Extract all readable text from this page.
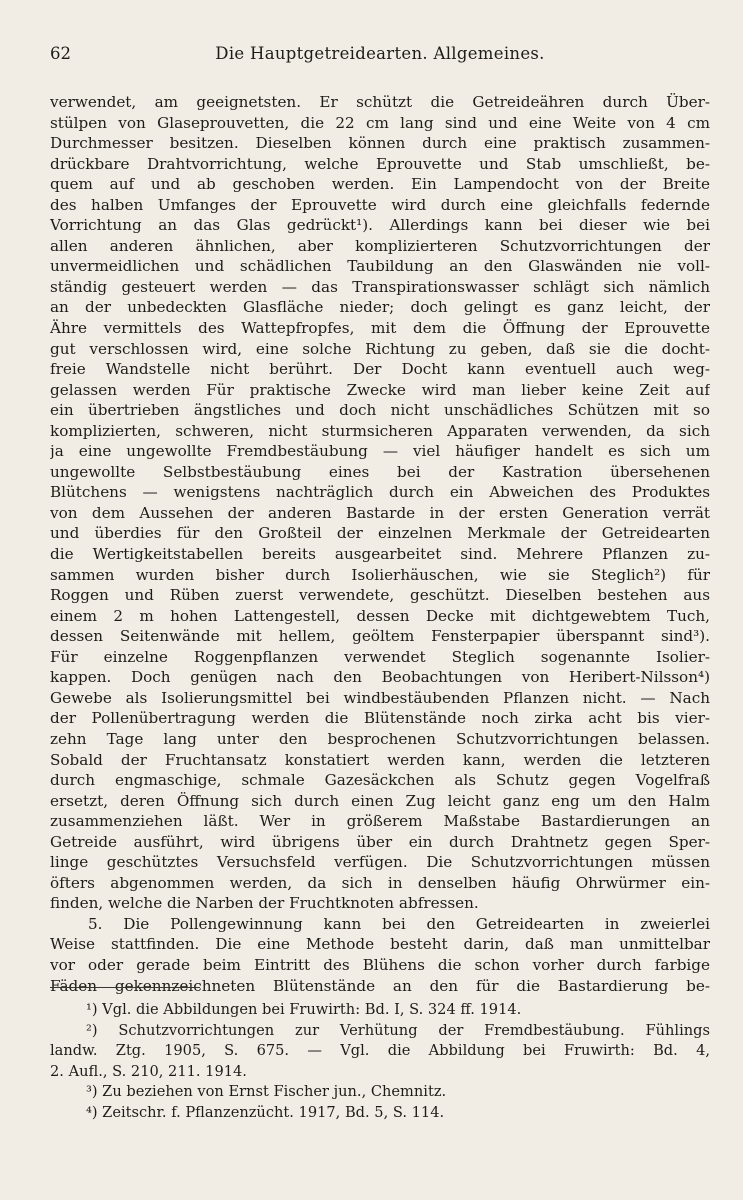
62	Die Hauptgetreidearten. Allgemeines.
verwendet, am geeignetsten. Er schützt die Getreideähren durch Über-
stülpen von Glaseprouvetten, die 22 cm lang sind und eine Weite von 4 cm
Durchmesser besitzen. Dieselben können durch eine praktisch zusammen-
drückbare Drahtvorrichtung, welche Eprouvette und Stab umschließt, be-
quem auf und ab geschoben werden. Ein Lampendocht von der Breite
des halben Umfanges der Eprouvette wird durch eine gleichfalls federnde
Vorrichtung an das Glas gedrückt¹). Allerdings kann bei dieser wie bei
allen anderen ähnlichen, aber komplizierteren Schutzvorrichtungen der
unvermeidlichen und schädlichen Taubildung an den Glaswänden nie voll-
ständig gesteuert werden — das Transpirationswasser schlägt sich nämlich
an der unbedeckten Glasfläche nieder; doch gelingt es ganz leicht, der
Ähre vermittels des Wattepfropfes, mit dem die Öffnung der Eprouvette
gut verschlossen wird, eine solche Richtung zu geben, daß sie die docht-
freie Wandstelle nicht berührt. Der Docht kann eventuell auch weg-
gelassen werden Für praktische Zwecke wird man lieber keine Zeit auf
ein übertrieben ängstliches und doch nicht unschädliches Schützen mit so
komplizierten, schweren, nicht sturmsicheren Apparaten verwenden, da sich
ja eine ungewollte Fremdbestäubung — viel häufiger handelt es sich um
ungewollte Selbstbestäubung eines bei der Kastration übersehenen
Blütchens — wenigstens nachträglich durch ein Abweichen des Produktes
von dem Aussehen der anderen Bastarde in der ersten Generation verrät
und überdies für den Großteil der einzelnen Merkmale der Getreidearten
die Wertigkeitstabellen bereits ausgearbeitet sind. Mehrere Pflanzen zu-
sammen wurden bisher durch Isolierhäuschen, wie sie Steglich²) für
Roggen und Rüben zuerst verwendete, geschützt. Dieselben bestehen aus
einem 2 m hohen Lattengestell, dessen Decke mit dichtgewebtem Tuch,
dessen Seitenwände mit hellem, geöltem Fensterpapier überspannt sind³).
Für einzelne Roggenpflanzen verwendet Steglich sogenannte Isolier-
kappen. Doch genügen nach den Beobachtungen von Heribert-Nilsson⁴)
Gewebe als Isolierungsmittel bei windbestäubenden Pflanzen nicht. — Nach
der Pollenübertragung werden die Blütenstände noch zirka acht bis vier-
zehn Tage lang unter den besprochenen Schutzvorrichtungen belassen.
Sobald der Fruchtansatz konstatiert werden kann, werden die letzteren
durch engmaschige, schmale Gazesäckchen als Schutz gegen Vogelfraß
ersetzt, deren Öffnung sich durch einen Zug leicht ganz eng um den Halm
zusammenziehen läßt. Wer in größerem Maßstabe Bastardierungen an
Getreide ausführt, wird übrigens über ein durch Drahtnetz gegen Sper-
linge geschütztes Versuchsfeld verfügen. Die Schutzvorrichtungen müssen
öfters abgenommen werden, da sich in denselben häufig Ohrwürmer ein-
finden, welche die Narben der Fruchtknoten abfressen.
5. Die Pollengewinnung kann bei den Getreidearten in zweierlei
Weise stattfinden. Die eine Methode besteht darin, daß man unmittelbar
vor oder gerade beim Eintritt des Blühens die schon vorher durch farbige
Fäden gekennzeichneten Blütenstände an den für die Bastardierung be-
¹) Vgl. die Abbildungen bei Fruwirth: Bd. I, S. 324 ff. 1914.
²) Schutzvorrichtungen zur Verhütung der Fremdbestäubung. Fühlings
landw. Ztg. 1905, S. 675. — Vgl. die Abbildung bei Fruwirth: Bd. 4,
2. Aufl., S. 210, 211. 1914.
³) Zu beziehen von Ernst Fischer jun., Chemnitz.
⁴) Zeitschr. f. Pflanzenzücht. 1917, Bd. 5, S. 114.
